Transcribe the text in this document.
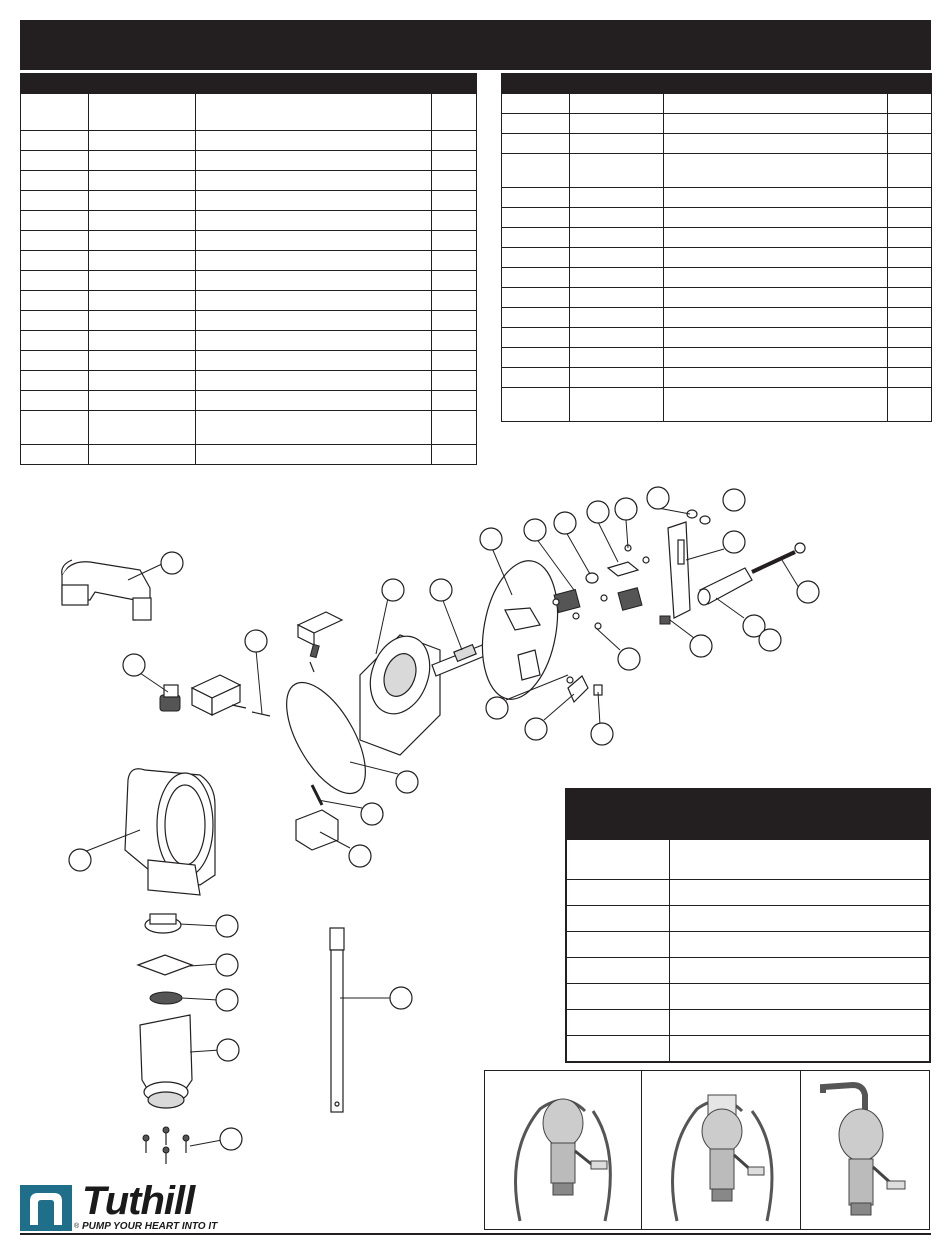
®
Tuthill
PUMP YOUR HEART INTO IT
